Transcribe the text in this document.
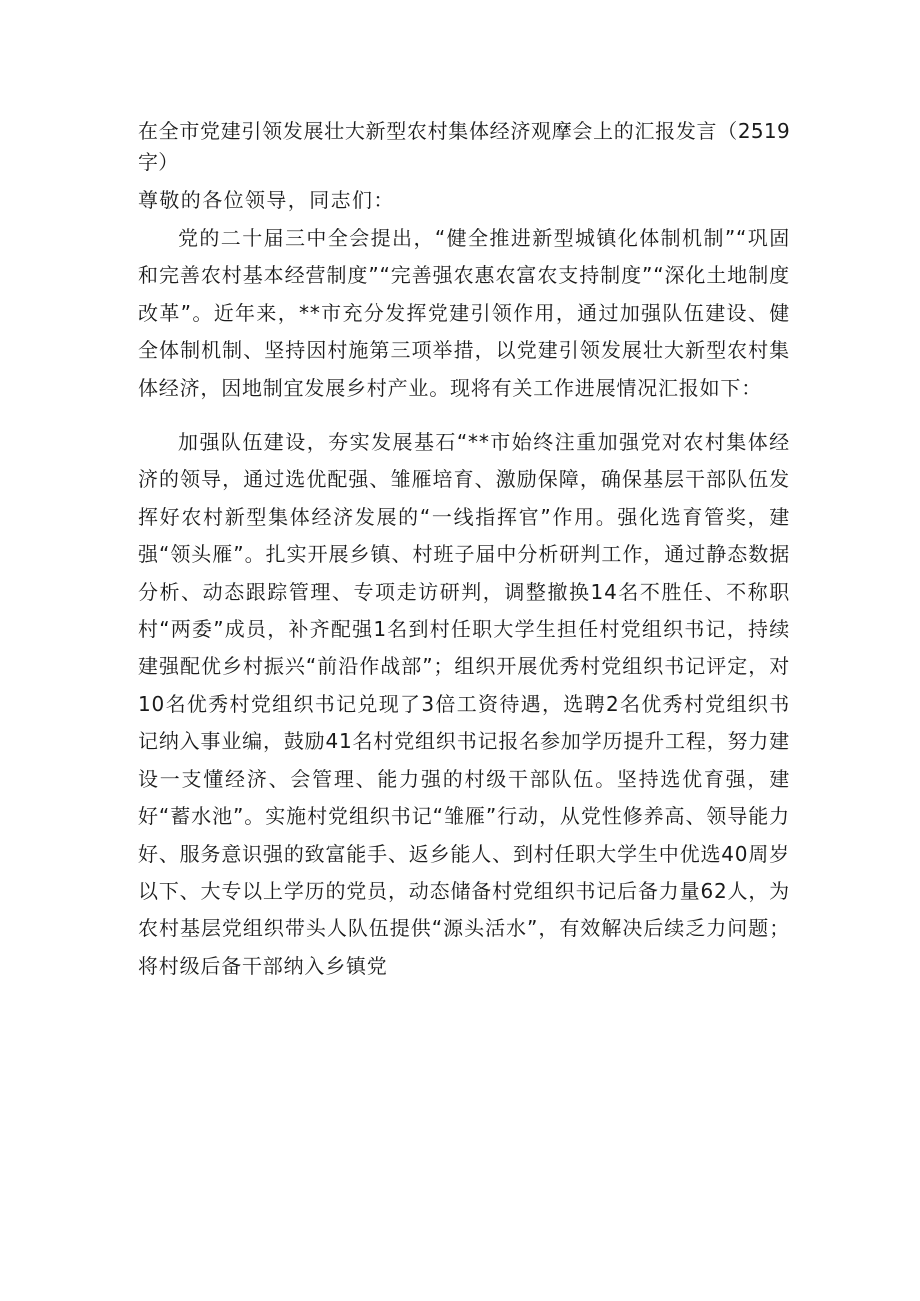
在全市党建引领发展壮大新型农村集体经济观摩会上的汇报发言（2519字）

尊敬的各位领导，同志们：

党的二十届三中全会提出，“健全推进新型城镇化体制机制”“巩固和完善农村基本经营制度”“完善强农惠农富农支持制度”“深化土地制度改革”。近年来，**市充分发挥党建引领作用，通过加强队伍建设、健全体制机制、坚持因村施第三项举措，以党建引领发展壮大新型农村集体经济，因地制宜发展乡村产业。现将有关工作进展情况汇报如下：

加强队伍建设，夯实发展基石“**市始终注重加强党对农村集体经济的领导，通过选优配强、雏雁培育、激励保障，确保基层干部队伍发挥好农村新型集体经济发展的“一线指挥官”作用。强化选育管奖，建强“领头雁”。扎实开展乡镇、村班子届中分析研判工作，通过静态数据分析、动态跟踪管理、专项走访研判，调整撤换14名不胜任、不称职村“两委”成员，补齐配强1名到村任职大学生担任村党组织书记，持续建强配优乡村振兴“前沿作战部”；组织开展优秀村党组织书记评定，对10名优秀村党组织书记兑现了3倍工资待遇，选聘2名优秀村党组织书记纳入事业编，鼓励41名村党组织书记报名参加学历提升工程，努力建设一支懂经济、会管理、能力强的村级干部队伍。坚持选优育强，建好“蓄水池”。实施村党组织书记“雏雁”行动，从党性修养高、领导能力好、服务意识强的致富能手、返乡能人、到村任职大学生中优选40周岁以下、大专以上学历的党员，动态储备村党组织书记后备力量62人，为农村基层党组织带头人队伍提供“源头活水”，有效解决后续乏力问题；将村级后备干部纳入乡镇党
